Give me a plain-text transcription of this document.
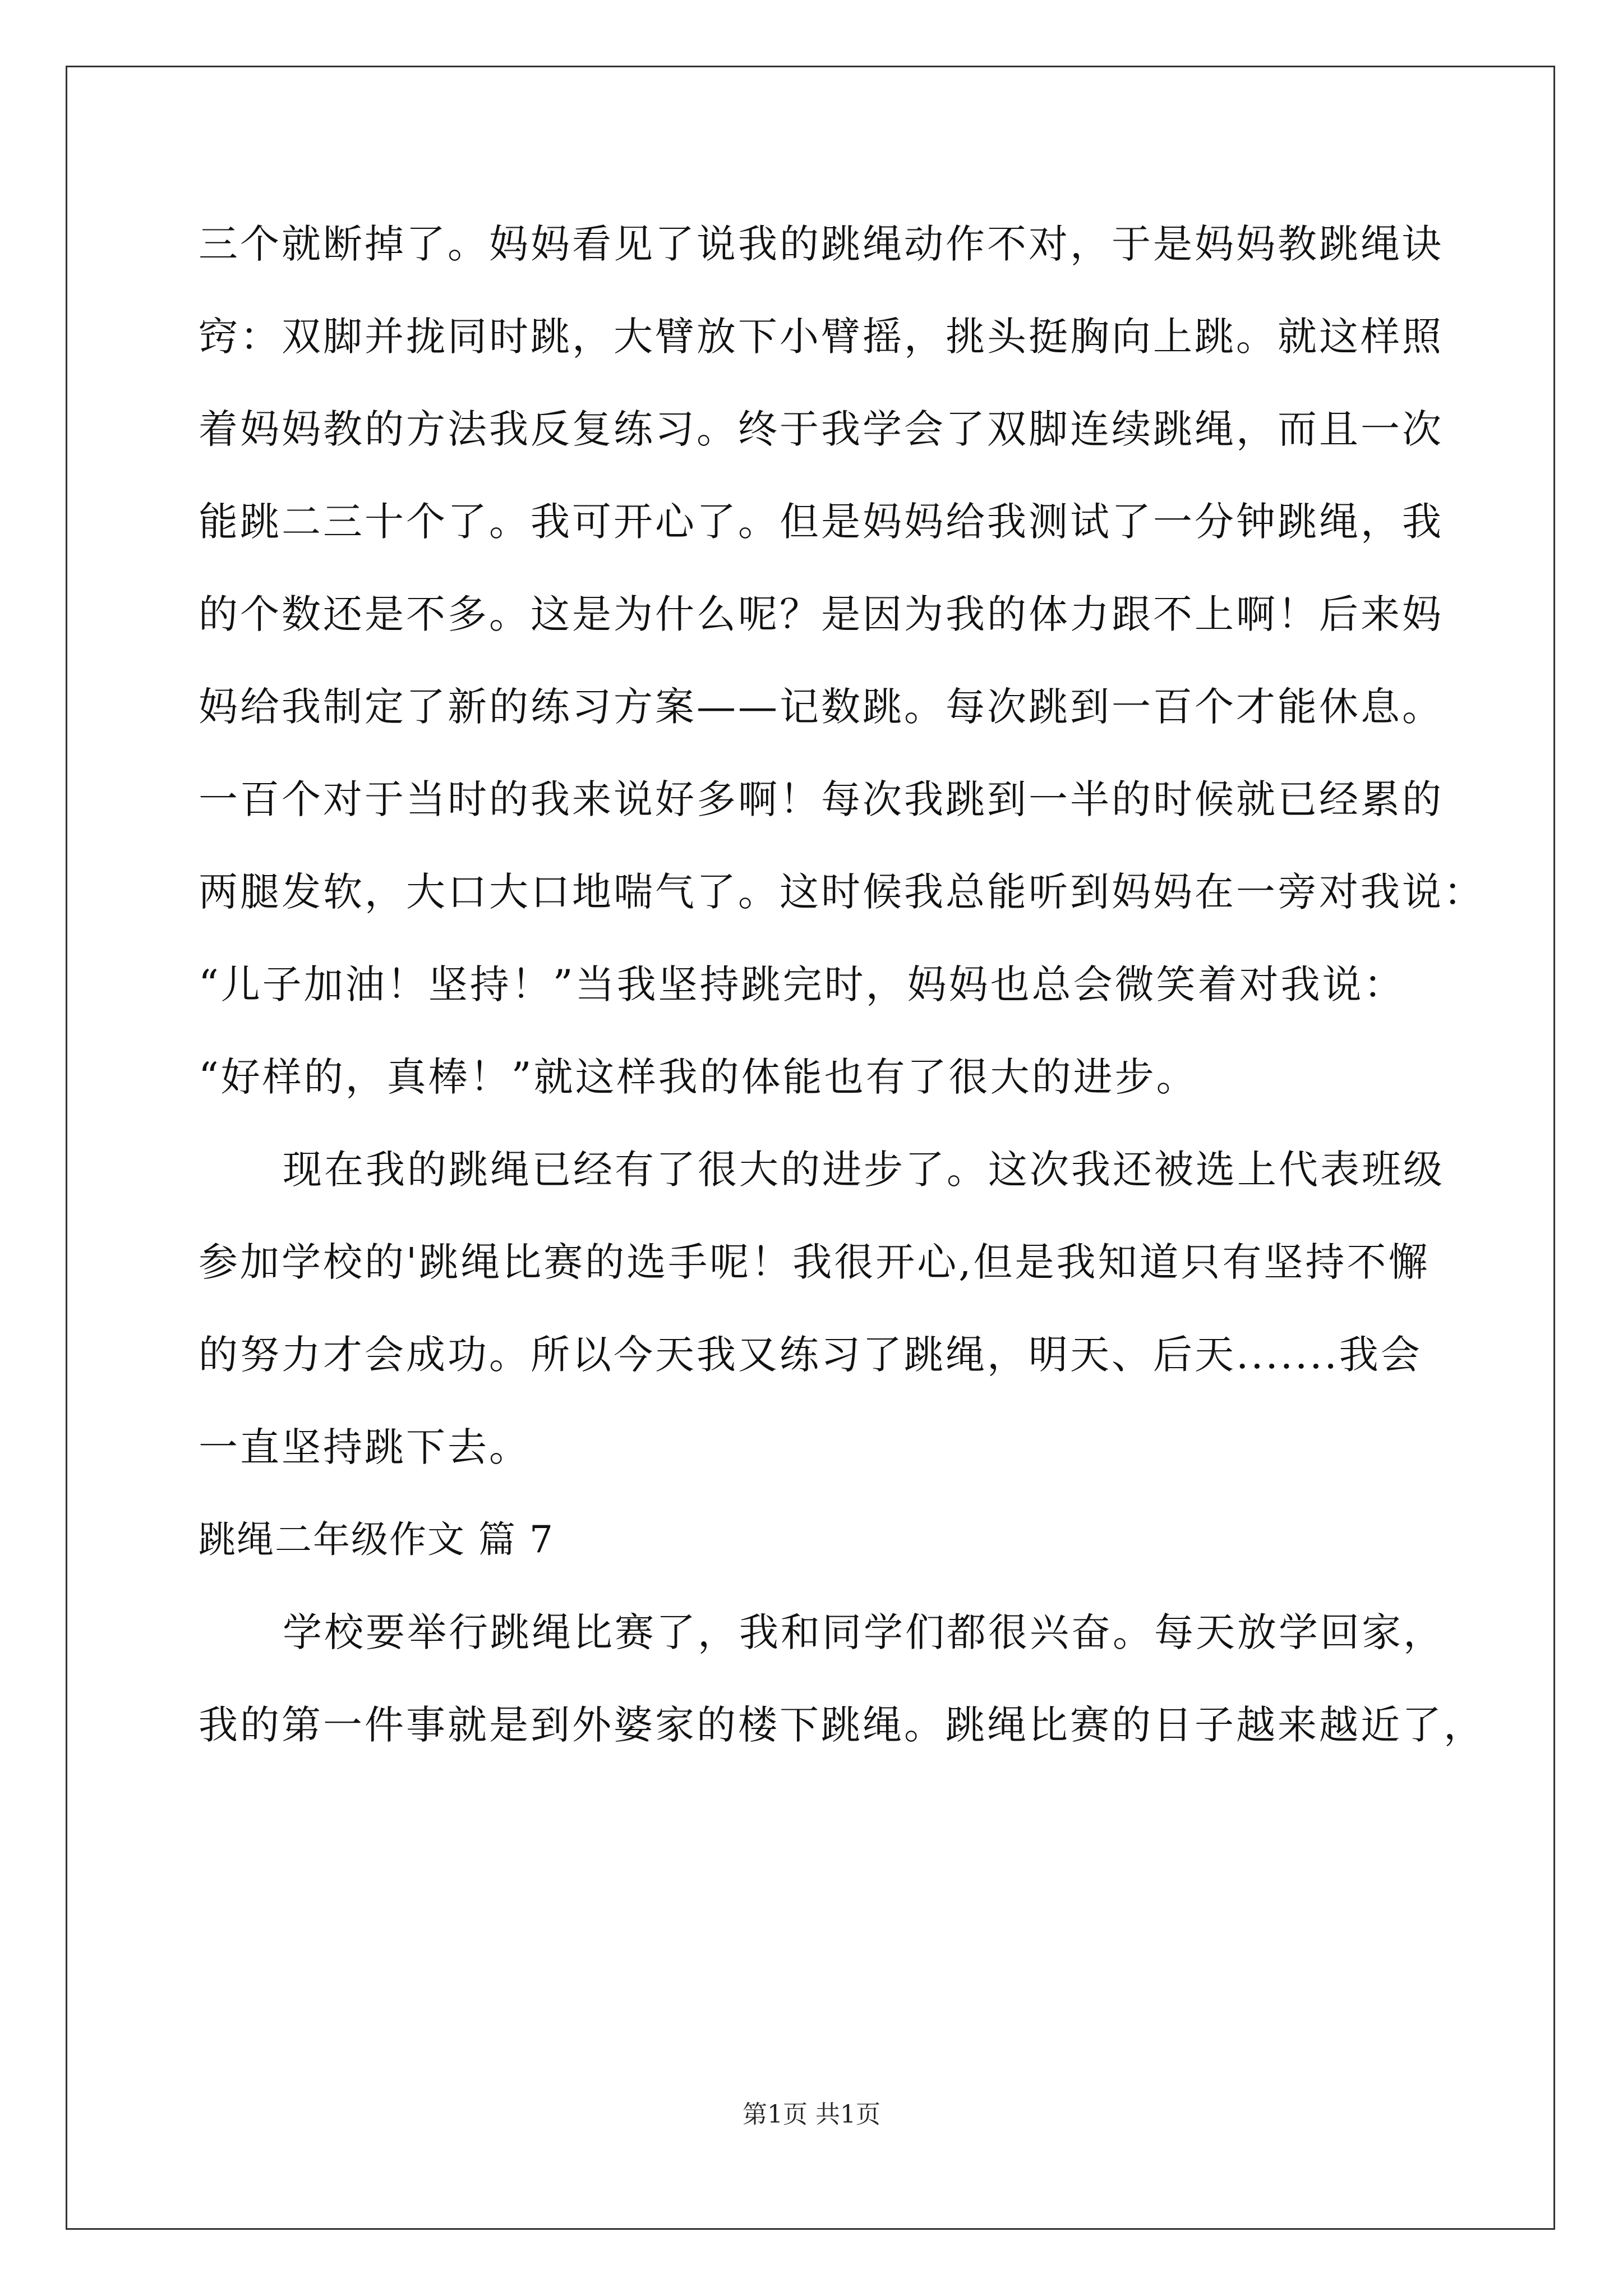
三个就断掉了。妈妈看见了说我的跳绳动作不对，于是妈妈教跳绳诀
窍：双脚并拢同时跳，大臂放下小臂摇，挑头挺胸向上跳。就这样照
着妈妈教的方法我反复练习。终于我学会了双脚连续跳绳，而且一次
能跳二三十个了。我可开心了。但是妈妈给我测试了一分钟跳绳，我
的个数还是不多。这是为什么呢？是因为我的体力跟不上啊！后来妈
妈给我制定了新的练习方案——记数跳。每次跳到一百个才能休息。
一百个对于当时的我来说好多啊！每次我跳到一半的时候就已经累的
两腿发软，大口大口地喘气了。这时候我总能听到妈妈在一旁对我说：
“儿子加油！坚持！”当我坚持跳完时，妈妈也总会微笑着对我说：
“好样的，真棒！”就这样我的体能也有了很大的进步。
现在我的跳绳已经有了很大的进步了。这次我还被选上代表班级
参加学校的'跳绳比赛的选手呢！我很开心,但是我知道只有坚持不懈
的努力才会成功。所以今天我又练习了跳绳，明天、后天.......我会
一直坚持跳下去。
跳绳二年级作文 篇 7
学校要举行跳绳比赛了，我和同学们都很兴奋。每天放学回家，
我的第一件事就是到外婆家的楼下跳绳。跳绳比赛的日子越来越近了，
第1页 共1页
